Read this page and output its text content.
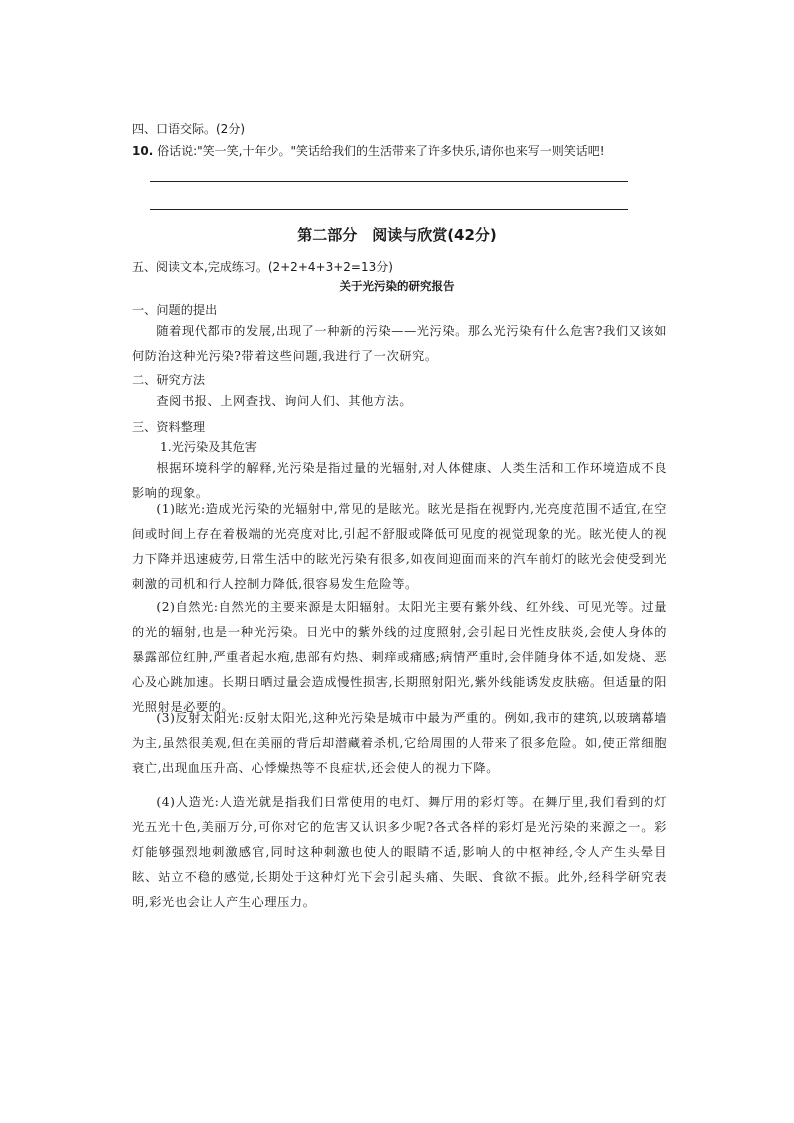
四、口语交际。(2分)
10. 俗话说:"笑一笑,十年少。"笑话给我们的生活带来了许多快乐,请你也来写一则笑话吧!
第二部分　阅读与欣赏(42分)
五、阅读文本,完成练习。(2+2+4+3+2=13分)
关于光污染的研究报告
一、问题的提出
随着现代都市的发展,出现了一种新的污染——光污染。那么光污染有什么危害?我们又该如何防治这种光污染?带着这些问题,我进行了一次研究。
二、研究方法
查阅书报、上网查找、询问人们、其他方法。
三、资料整理
1.光污染及其危害
根据环境科学的解释,光污染是指过量的光辐射,对人体健康、人类生活和工作环境造成不良影响的现象。
(1)眩光:造成光污染的光辐射中,常见的是眩光。眩光是指在视野内,光亮度范围不适宜,在空间或时间上存在着极端的光亮度对比,引起不舒服或降低可见度的视觉现象的光。眩光使人的视力下降并迅速疲劳,日常生活中的眩光污染有很多,如夜间迎面而来的汽车前灯的眩光会使受到光刺激的司机和行人控制力降低,很容易发生危险等。
(2)自然光:自然光的主要来源是太阳辐射。太阳光主要有紫外线、红外线、可见光等。过量的光的辐射,也是一种光污染。日光中的紫外线的过度照射,会引起日光性皮肤炎,会使人身体的暴露部位红肿,严重者起水疱,患部有灼热、刺痒或痛感;病情严重时,会伴随身体不适,如发烧、恶心及心跳加速。长期日晒过量会造成慢性损害,长期照射阳光,紫外线能诱发皮肤癌。但适量的阳光照射是必要的。
(3)反射太阳光:反射太阳光,这种光污染是城市中最为严重的。例如,我市的建筑,以玻璃幕墙为主,虽然很美观,但在美丽的背后却潜藏着杀机,它给周围的人带来了很多危险。如,使正常细胞衰亡,出现血压升高、心悸燥热等不良症状,还会使人的视力下降。
(4)人造光:人造光就是指我们日常使用的电灯、舞厅用的彩灯等。在舞厅里,我们看到的灯光五光十色,美丽万分,可你对它的危害又认识多少呢?各式各样的彩灯是光污染的来源之一。彩灯能够强烈地刺激感官,同时这种刺激也使人的眼睛不适,影响人的中枢神经,令人产生头晕目眩、站立不稳的感觉,长期处于这种灯光下会引起头痛、失眠、食欲不振。此外,经科学研究表明,彩光也会让人产生心理压力。
